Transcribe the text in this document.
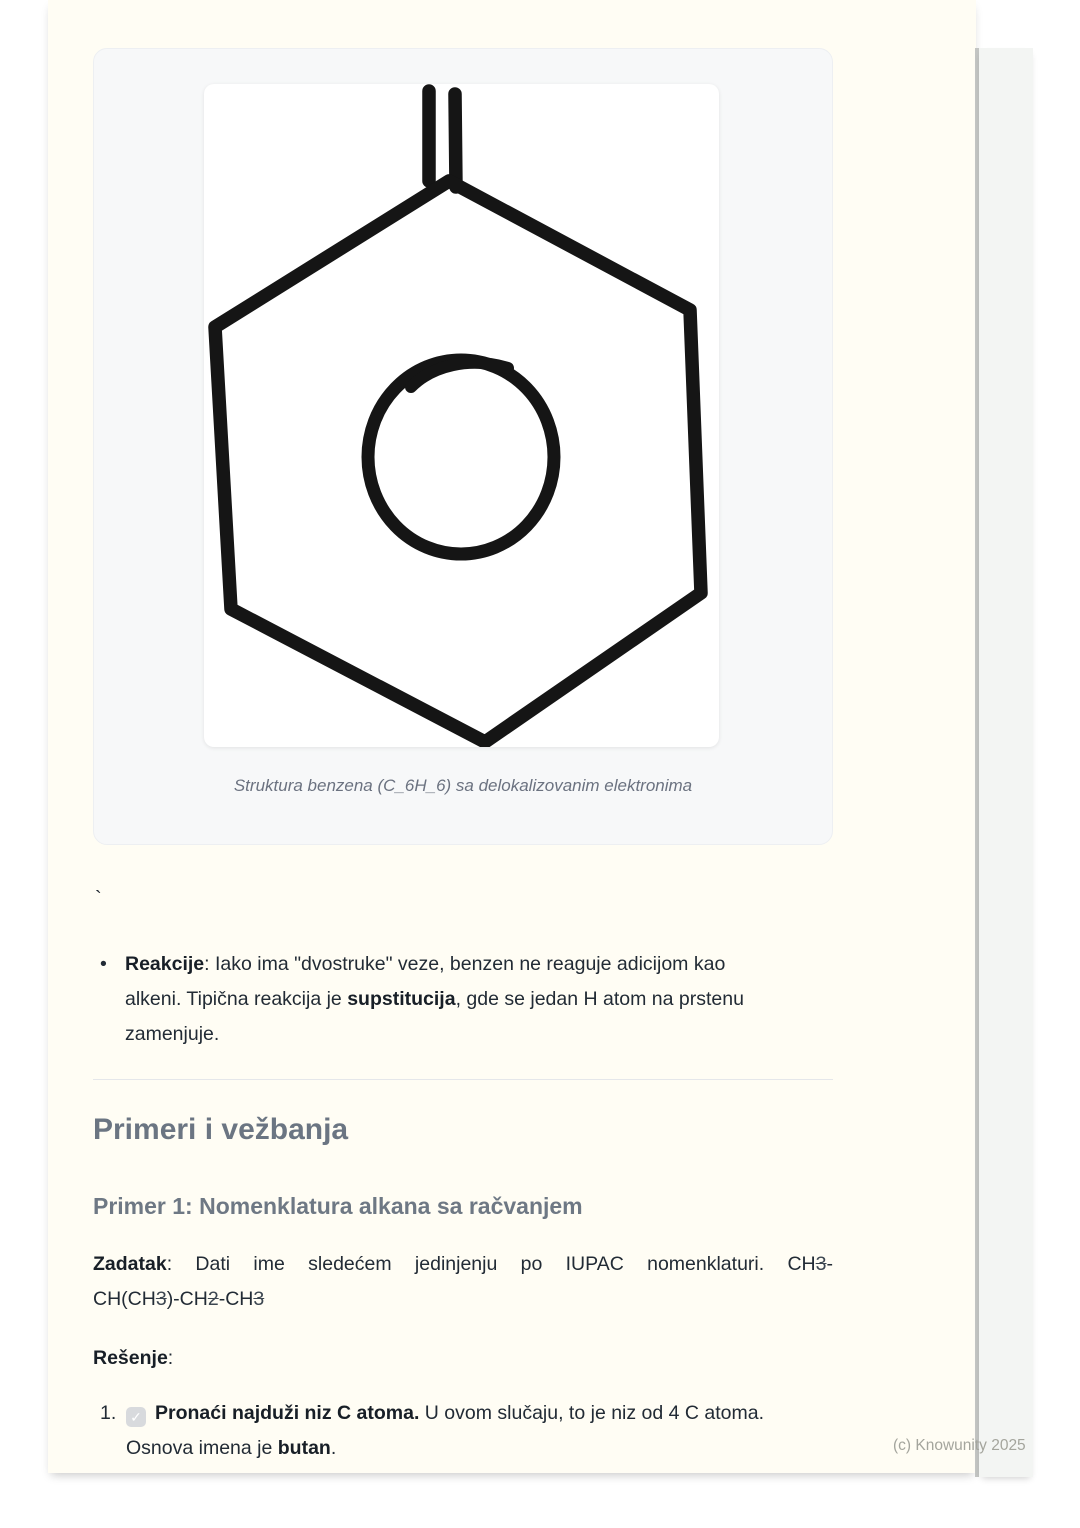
Struktura benzena (C_6H_6) sa delokalizovanim elektronima
`
• Reakcije: Iako ima "dvostruke" veze, benzen ne reaguje adicijom kao
alkeni. Tipična reakcija je supstitucija, gde se jedan H atom na prstenu
zamenjuje.
Primeri i vežbanja
Primer 1: Nomenklatura alkana sa račvanjem

Zadatak: Dati ime sledećem jedinjenju po IUPAC nomenklaturi. CH3-CH(CH3)-CH2-CH3

Rešenje:

1. ✓ Pronaći najduži niz C atoma. U ovom slučaju, to je niz od 4 C atoma.
Osnova imena je butan.	(c) Knowunity 2025
